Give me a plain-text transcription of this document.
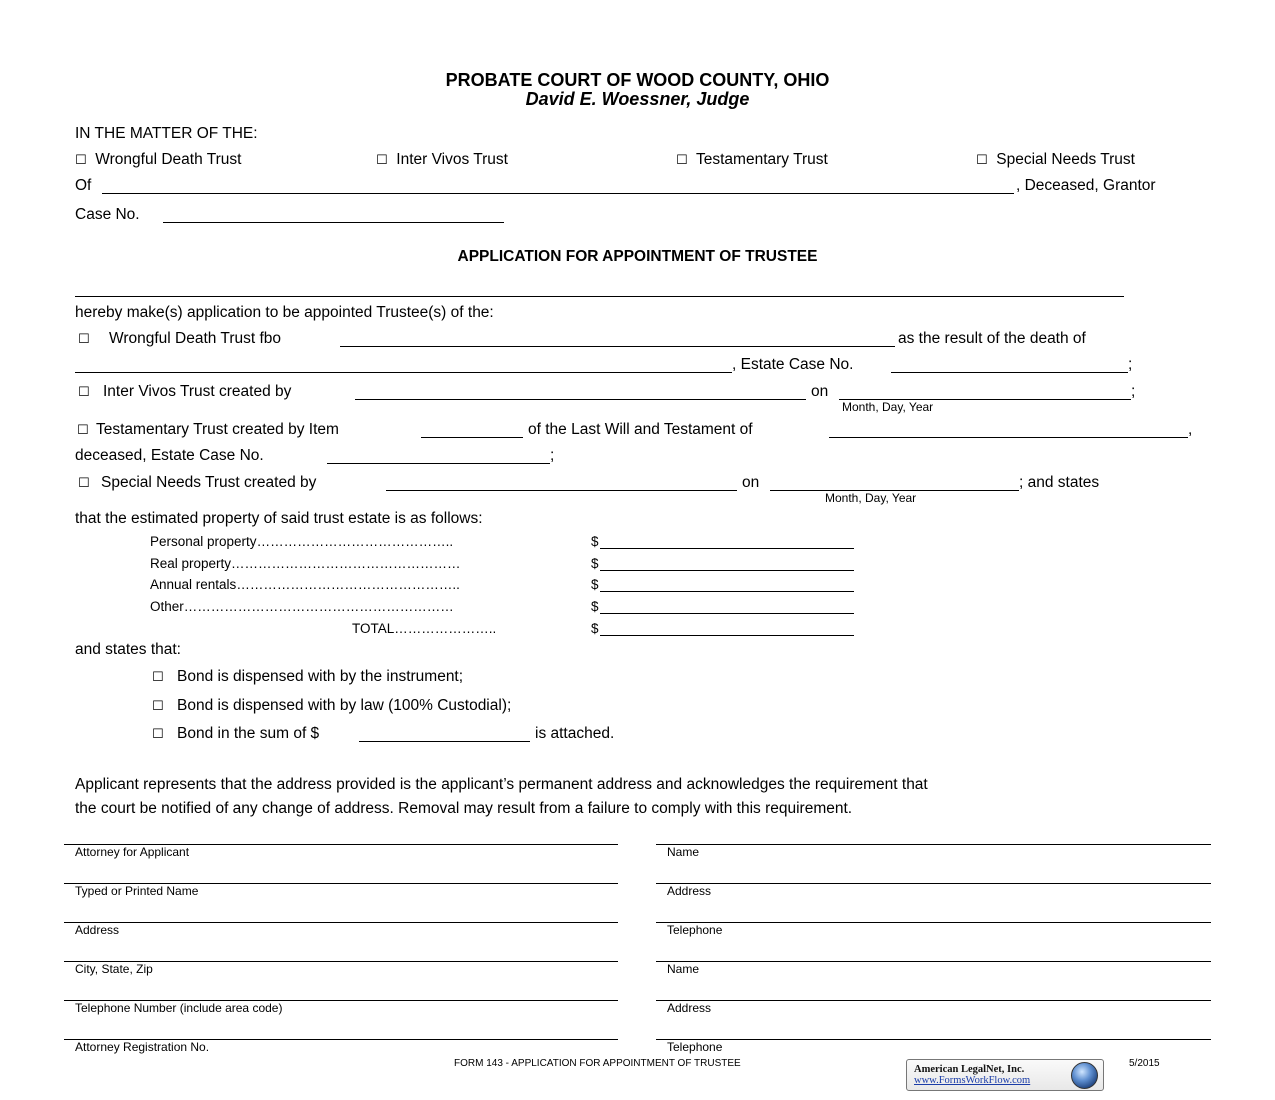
PROBATE COURT OF WOOD COUNTY, OHIO
David E. Woessner, Judge
IN THE MATTER OF THE:
☐ Wrongful Death Trust	☐ Inter Vivos Trust	☐ Testamentary Trust	☐ Special Needs Trust
Of	, Deceased, Grantor
Case No.
APPLICATION FOR APPOINTMENT OF TRUSTEE
hereby make(s) application to be appointed Trustee(s) of the:
☐ Wrongful Death Trust fbo	as the result of the death of
, Estate Case No.	;
☐ Inter Vivos Trust created by	on	;
Month, Day, Year
☐ Testamentary Trust created by Item	of the Last Will and Testament of	,
deceased, Estate Case No.	;
☐ Special Needs Trust created by	on	; and states
Month, Day, Year
that the estimated property of said trust estate is as follows:
Personal property……………………………………..	$
Real property……………………………………………	$
Annual rentals…………………………………………..	$
Other……………………………………………………	$
TOTAL…………………..	$
and states that:
☐ Bond is dispensed with by the instrument;
☐ Bond is dispensed with by law (100% Custodial);
☐ Bond in the sum of $	is attached.
Applicant represents that the address provided is the applicant’s permanent address and acknowledges the requirement that
the court be notified of any change of address. Removal may result from a failure to comply with this requirement.
Attorney for Applicant
Typed or Printed Name
Address
City, State, Zip
Telephone Number (include area code)
Attorney Registration No.
Name
Address
Telephone
Name
Address
Telephone
FORM 143 - APPLICATION FOR APPOINTMENT OF TRUSTEE	5/2015
American LegalNet, Inc.
www.FormsWorkFlow.com
